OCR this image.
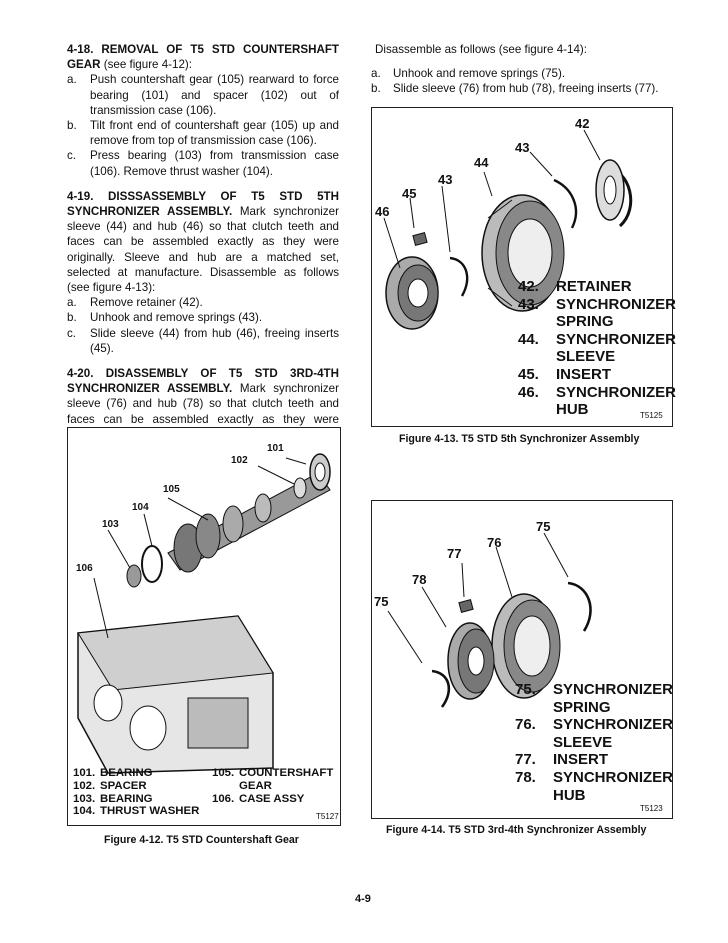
4-18. REMOVAL OF T5 STD COUNTERSHAFT GEAR (see figure 4-12):
a.	Push countershaft gear (105) rearward to force bearing (101) and spacer (102) out of transmission case (106).
b.	Tilt front end of countershaft gear (105) up and remove from top of transmission case (106).
c.	Press bearing (103) from transmission case (106). Remove thrust washer (104).
4-19. DISSSASSEMBLY OF T5 STD 5TH SYNCHRONIZER ASSEMBLY. Mark synchronizer sleeve (44) and hub (46) so that clutch teeth and faces can be assembled exactly as they were originally. Sleeve and hub are a matched set, selected at manufacture. Disassemble as follows (see figure 4-13):
a.	Remove retainer (42).
b.	Unhook and remove springs (43).
c.	Slide sleeve (44) from hub (46), freeing inserts (45).
4-20. DISASSEMBLY OF T5 STD 3RD-4TH SYNCHRONIZER ASSEMBLY. Mark synchronizer sleeve (76) and hub (78) so that clutch teeth and faces can be assembled exactly as they were
Disassemble as follows (see figure 4-14):
a.	Unhook and remove springs (75).
b.	Slide sleeve (76) from hub (78), freeing inserts (77).
42
43
44
43
45
46
42.	RETAINER
43.	SYNCHRONIZER
SPRING
44.	SYNCHRONIZER
SLEEVE
45.	INSERT
46.	SYNCHRONIZER
HUB	T5125
Figure 4-13. T5 STD 5th Synchronizer Assembly
101
102
105
104
103
106
101. BEARING
102. SPACER
103. BEARING
104. THRUST WASHER
105. COUNTERSHAFT
GEAR
106. CASE ASSY
T5127
Figure 4-12. T5 STD Countershaft Gear
75
76
77
78
75
75.	SYNCHRONIZER
SPRING
76.	SYNCHRONIZER
SLEEVE
77.	INSERT
78.	SYNCHRONIZER
HUB
T5123
Figure 4-14. T5 STD 3rd-4th Synchronizer Assembly
4-9
